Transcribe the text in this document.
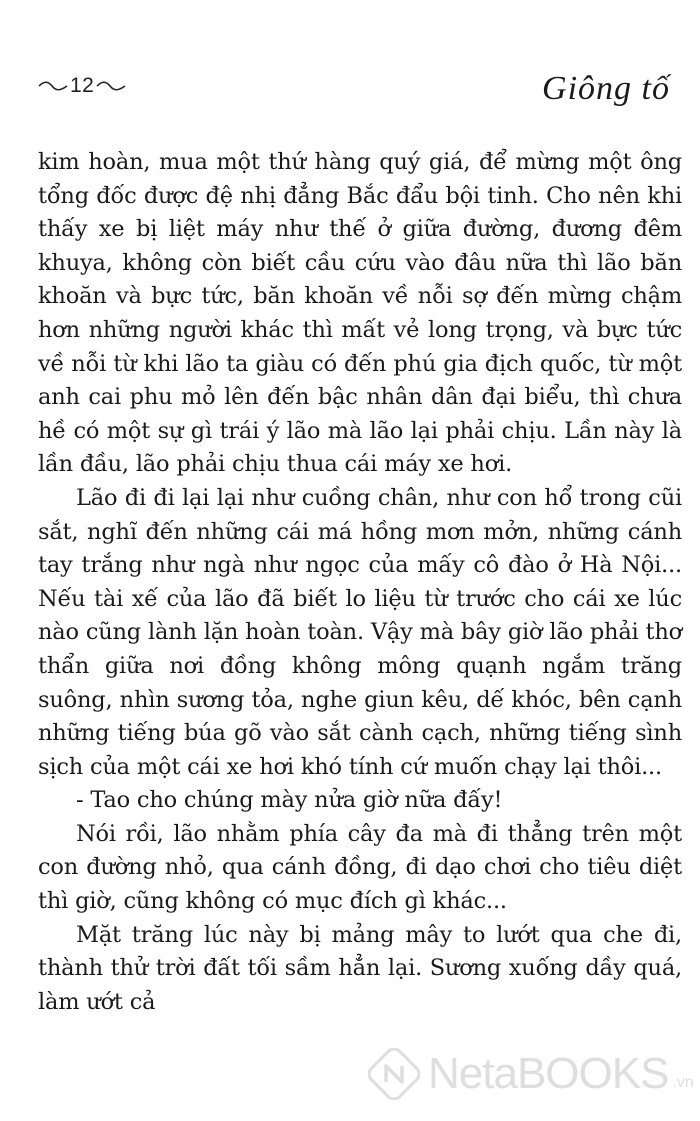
12	Giông tố

kim hoàn, mua một thứ hàng quý giá, để mừng một ông tổng đốc được đệ nhị đẳng Bắc đẩu bội tinh. Cho nên khi thấy xe bị liệt máy như thế ở giữa đường, đương đêm khuya, không còn biết cầu cứu vào đâu nữa thì lão băn khoăn và bực tức, băn khoăn về nỗi sợ đến mừng chậm hơn những người khác thì mất vẻ long trọng, và bực tức về nỗi từ khi lão ta giàu có đến phú gia địch quốc, từ một anh cai phu mỏ lên đến bậc nhân dân đại biểu, thì chưa hề có một sự gì trái ý lão mà lão lại phải chịu. Lần này là lần đầu, lão phải chịu thua cái máy xe hơi.

Lão đi đi lại lại như cuồng chân, như con hổ trong cũi sắt, nghĩ đến những cái má hồng mơn mởn, những cánh tay trắng như ngà như ngọc của mấy cô đào ở Hà Nội... Nếu tài xế của lão đã biết lo liệu từ trước cho cái xe lúc nào cũng lành lặn hoàn toàn. Vậy mà bây giờ lão phải thơ thẩn giữa nơi đồng không mông quạnh ngắm trăng suông, nhìn sương tỏa, nghe giun kêu, dế khóc, bên cạnh những tiếng búa gõ vào sắt cành cạch, những tiếng sình sịch của một cái xe hơi khó tính cứ muốn chạy lại thôi...

- Tao cho chúng mày nửa giờ nữa đấy!

Nói rồi, lão nhằm phía cây đa mà đi thẳng trên một con đường nhỏ, qua cánh đồng, đi dạo chơi cho tiêu diệt thì giờ, cũng không có mục đích gì khác...

Mặt trăng lúc này bị mảng mây to lướt qua che đi, thành thử trời đất tối sầm hẳn lại. Sương xuống dầy quá, làm ướt cả

NetaBOOKS .vn
